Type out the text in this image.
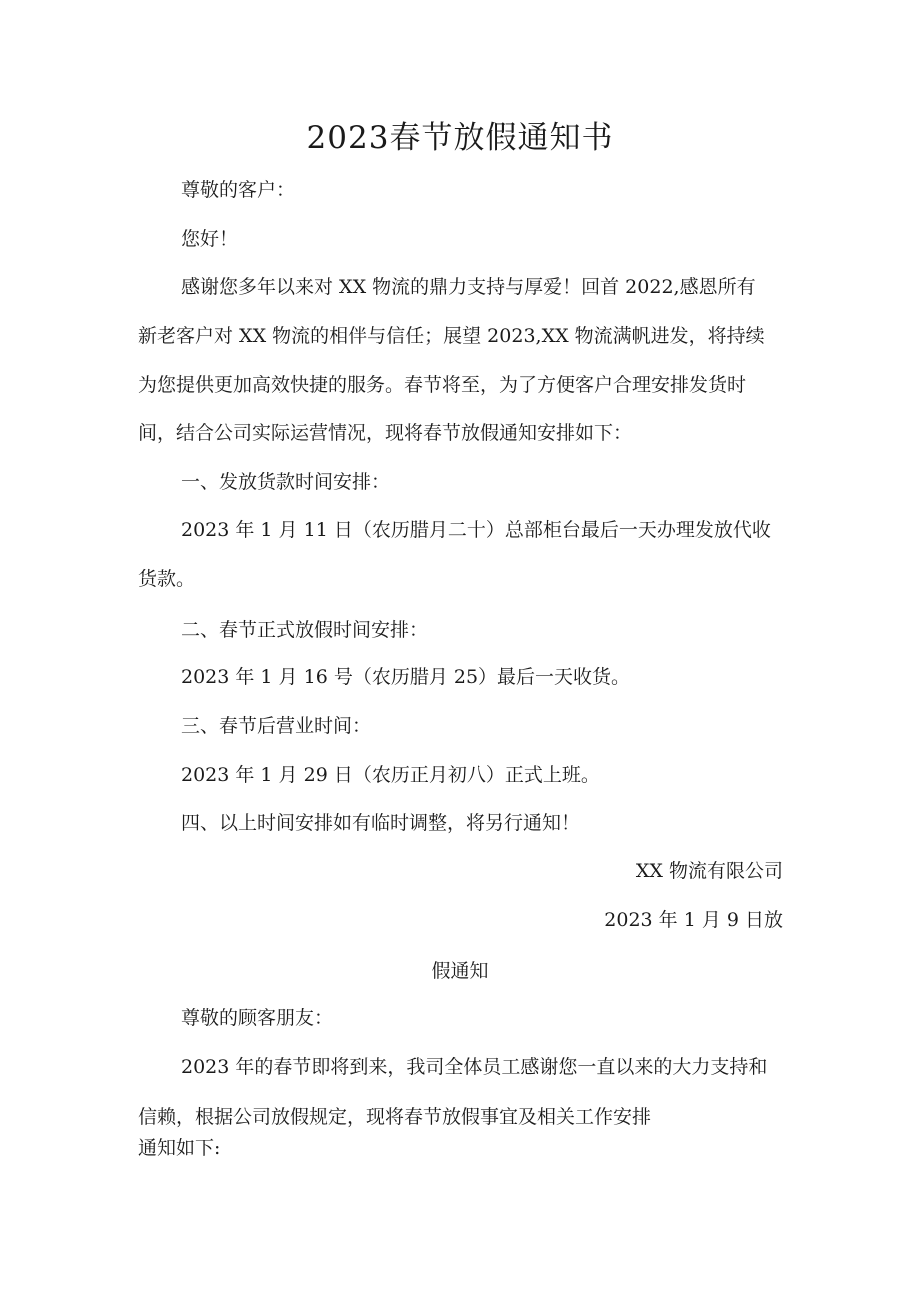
2023春节放假通知书
尊敬的客户：
您好！
感谢您多年以来对 XX 物流的鼎力支持与厚爱！回首 2022,感恩所有
新老客户对 XX 物流的相伴与信任；展望 2023,XX 物流满帆进发，将持续
为您提供更加高效快捷的服务。春节将至，为了方便客户合理安排发货时
间，结合公司实际运营情况，现将春节放假通知安排如下：
一、发放货款时间安排：
2023 年 1 月 11 日（农历腊月二十）总部柜台最后一天办理发放代收
货款。
二、春节正式放假时间安排：
2023 年 1 月 16 号（农历腊月 25）最后一天收货。
三、春节后营业时间：
2023 年 1 月 29 日（农历正月初八）正式上班。
四、以上时间安排如有临时调整，将另行通知！
XX 物流有限公司
2023 年 1 月 9 日放
假通知
尊敬的顾客朋友：
2023 年的春节即将到来，我司全体员工感谢您一直以来的大力支持和
信赖，根据公司放假规定，现将春节放假事宜及相关工作安排
通知如下:
